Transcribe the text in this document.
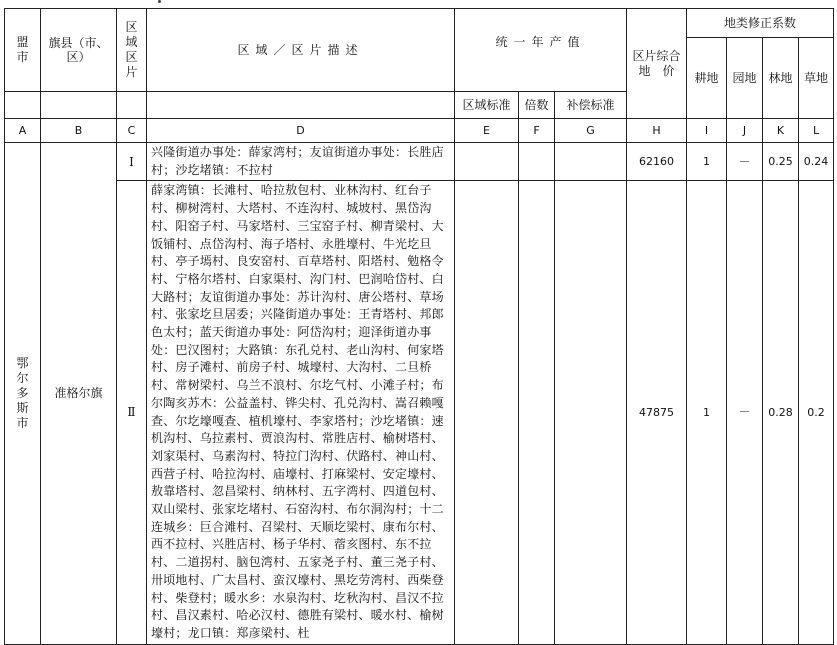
盟市	旗县（市、区）	区域区片	区域／区片描述	统一年产值			区片综合地　价	地类修正系数			
								耕地	园地	林地	草地
				区域标准	倍数	补偿标准					
A	B	C	D	E	F	G	H	I	J	K	L
鄂尔多斯市	准格尔旗	Ⅰ	兴隆街道办事处：薛家湾村；友谊街道办事处：长胜店村；沙圪堵镇：不拉村				62160	1	－	0.25	0.24
		Ⅱ	薛家湾镇：长滩村、哈拉敖包村、业林沟村、红台子村、柳树湾村、大塔村、不连沟村、城坡村、黑岱沟村、阳窑子村、马家塔村、三宝窑子村、柳青梁村、大饭铺村、点岱沟村、海子塔村、永胜壕村、牛光圪旦村、亭子墕村、良安窑村、百草塔村、阳塔村、勉格令村、宁格尔塔村、白家渠村、沟门村、巴润哈岱村、白大路村；友谊街道办事处：苏计沟村、唐公塔村、草场村、张家圪旦居委；兴隆街道办事处：王青塔村、邦郎色太村；蓝天街道办事处：阿岱沟村；迎泽街道办事处：巴汉图村；大路镇：东孔兑村、老山沟村、何家塔村、房子滩村、前房子村、城壕村、大沟村、二旦桥村、常树梁村、乌兰不浪村、尔圪气村、小滩子村；布尔陶亥苏木：公益盖村、铧尖村、孔兑沟村、嵩召赖嘎查、尔圪壕嘎查、植机壕村、李家塔村；沙圪堵镇：速机沟村、乌拉素村、贾浪沟村、常胜店村、榆树塔村、刘家渠村、乌素沟村、特拉门沟村、伏路村、神山村、西营子村、哈拉沟村、庙壕村、打麻梁村、安定壕村、敖靠塔村、忽昌梁村、纳林村、五字湾村、四道包村、双山梁村、张家圪堵村、石窑沟村、布尔洞沟村；十二连城乡：巨合滩村、召梁村、天顺圪梁村、康布尔村、西不拉村、兴胜店村、杨子华村、蓿亥图村、东不拉村、二道拐村、脑包湾村、五家尧子村、董三尧子村、卅顷地村、广太昌村、蛮汉壕村、黑圪劳湾村、西柴登村、柴登村；暖水乡：水泉沟村、圪秋沟村、昌汉不拉村、昌汉素村、哈必汉村、德胜有梁村、暖水村、榆树壕村；龙口镇：郑彦梁村、杜				47875	1	－	0.28	0.2
